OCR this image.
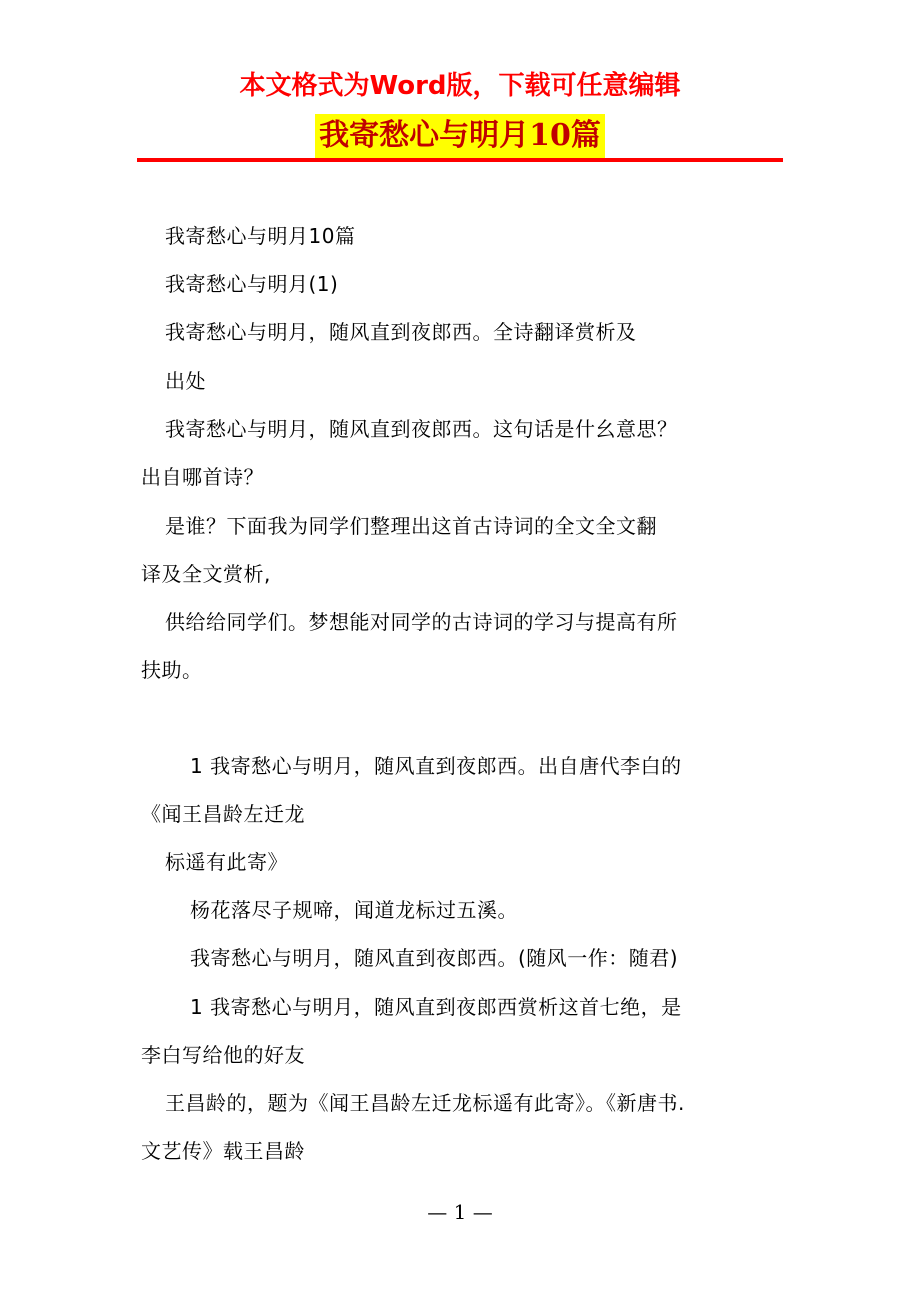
本文格式为Word版，下载可任意编辑
我寄愁心与明月10篇
我寄愁心与明月10篇
我寄愁心与明月(1)
我寄愁心与明月，随风直到夜郎西。全诗翻译赏析及
出处
我寄愁心与明月，随风直到夜郎西。这句话是什幺意思？
出自哪首诗？
是谁？下面我为同学们整理出这首古诗词的全文全文翻
译及全文赏析,
供给给同学们。梦想能对同学的古诗词的学习与提高有所
扶助。
1 我寄愁心与明月，随风直到夜郎西。出自唐代李白的
《闻王昌龄左迁龙
标遥有此寄》
杨花落尽子规啼，闻道龙标过五溪。
我寄愁心与明月，随风直到夜郎西。(随风一作：随君)
1 我寄愁心与明月，随风直到夜郎西赏析这首七绝，是
李白写给他的好友
王昌龄的，题为《闻王昌龄左迁龙标遥有此寄》。《新唐书.
文艺传》载王昌龄
— 1 —
